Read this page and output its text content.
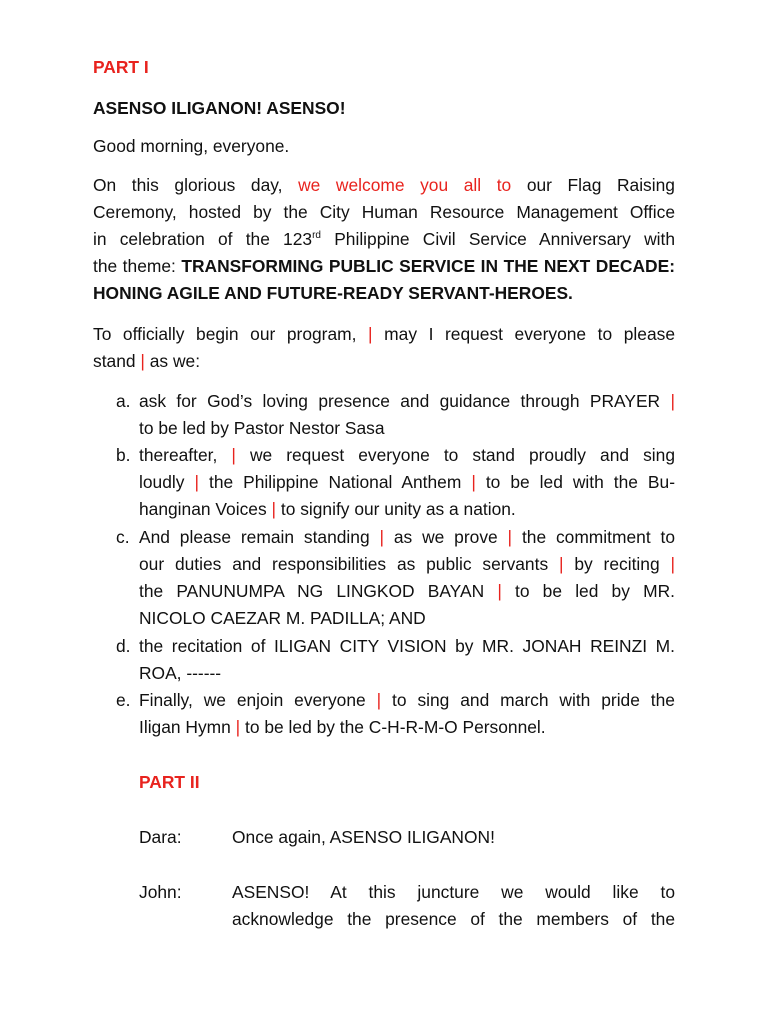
PART I
ASENSO ILIGANON! ASENSO!
Good morning, everyone.
On this glorious day, we welcome you all to our Flag Raising
Ceremony, hosted by the City Human Resource Management Office
in celebration of the 123rd Philippine Civil Service Anniversary with
the theme: TRANSFORMING PUBLIC SERVICE IN THE NEXT DECADE:
HONING AGILE AND FUTURE-READY SERVANT-HEROES.
To officially begin our program, | may I request everyone to please
stand | as we:
a. ask for God’s loving presence and guidance through PRAYER |
to be led by Pastor Nestor Sasa
b. thereafter, | we request everyone to stand proudly and sing
loudly | the Philippine National Anthem | to be led with the Bu-
hanginan Voices | to signify our unity as a nation.
c. And please remain standing | as we prove | the commitment to
our duties and responsibilities as public servants | by reciting |
the PANUNUMPA NG LINGKOD BAYAN | to be led by MR.
NICOLO CAEZAR M. PADILLA; AND
d. the recitation of ILIGAN CITY VISION by MR. JONAH REINZI M.
ROA, ------
e. Finally, we enjoin everyone | to sing and march with pride the
Iligan Hymn | to be led by the C-H-R-M-O Personnel.
PART II
Dara:	Once again, ASENSO ILIGANON!
John:	ASENSO! At this juncture we would like to
acknowledge the presence of the members of the
